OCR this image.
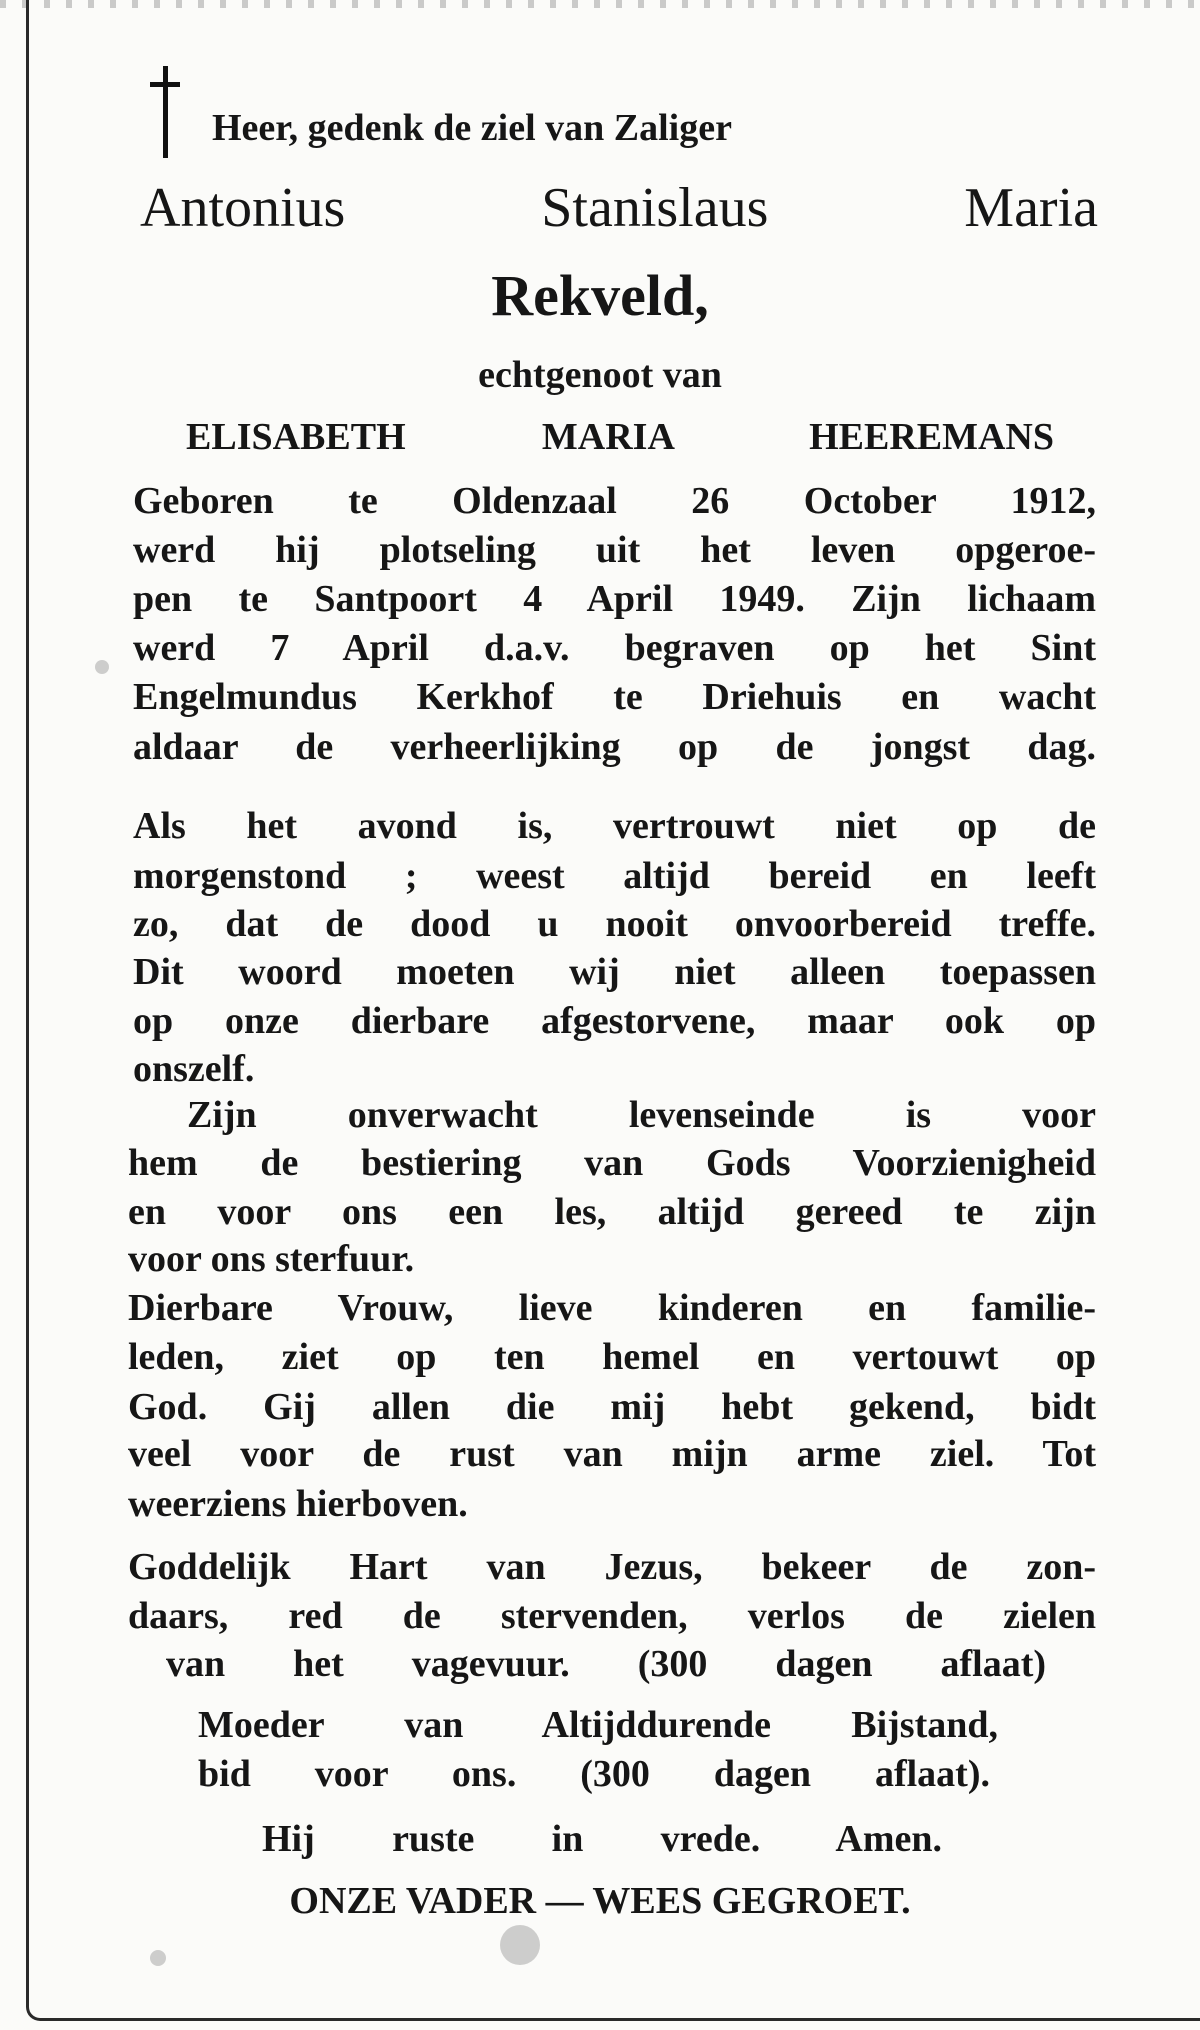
Heer, gedenk de ziel van Zaliger
Antonius Stanislaus Maria
Rekveld,
echtgenoot van
ELISABETH MARIA HEEREMANS
Geboren te Oldenzaal 26 October 1912,
werd hij plotseling uit het leven opgeroe-
pen te Santpoort 4 April 1949. Zijn lichaam
werd 7 April d.a.v. begraven op het Sint
Engelmundus Kerkhof te Driehuis en wacht
aldaar de verheerlijking op de jongst dag.
Als het avond is, vertrouwt niet op de
morgenstond ; weest altijd bereid en leeft
zo, dat de dood u nooit onvoorbereid treffe.
Dit woord moeten wij niet alleen toepassen
op onze dierbare afgestorvene, maar ook op
onszelf.
Zijn onverwacht levenseinde is voor
hem de bestiering van Gods Voorzienigheid
en voor ons een les, altijd gereed te zijn
voor ons sterfuur.
Dierbare Vrouw, lieve kinderen en familie-
leden, ziet op ten hemel en vertouwt op
God. Gij allen die mij hebt gekend, bidt
veel voor de rust van mijn arme ziel. Tot
weerziens hierboven.
Goddelijk Hart van Jezus, bekeer de zon-
daars, red de stervenden, verlos de zielen
van het vagevuur. (300 dagen aflaat)
Moeder van Altijddurende Bijstand,
bid voor ons. (300 dagen aflaat).
Hij ruste in vrede. Amen.
ONZE VADER — WEES GEGROET.
